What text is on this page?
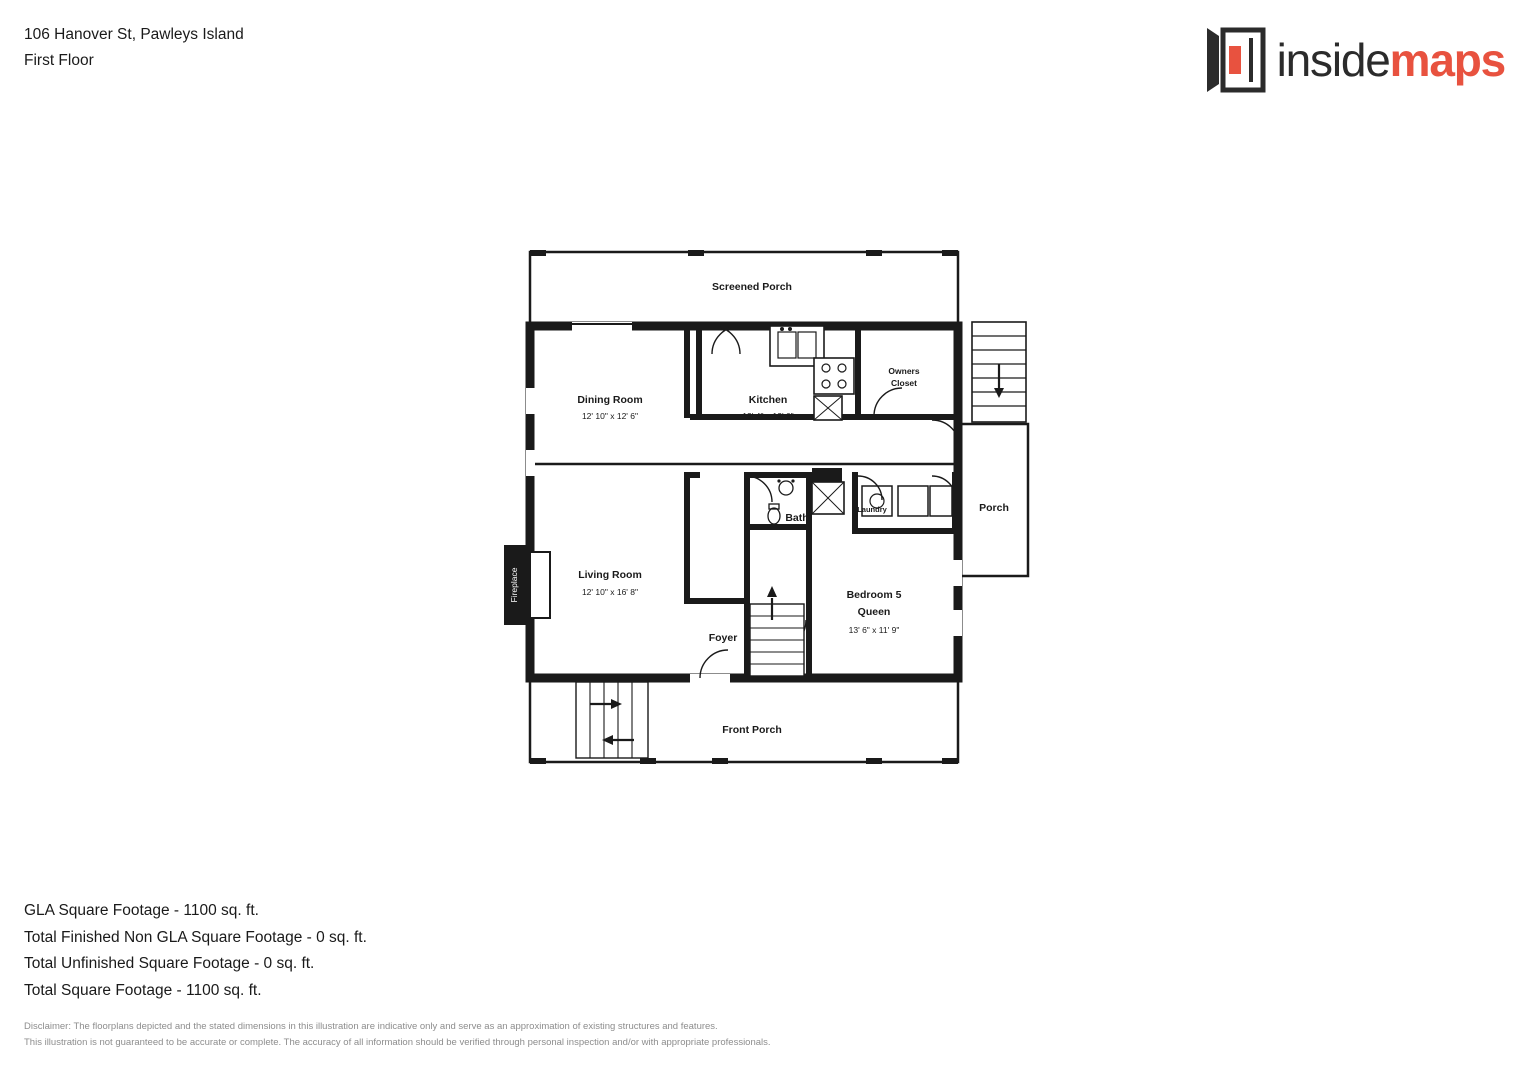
106 Hanover St, Pawleys Island
First Floor	insidemaps
Fireplace
Screened Porch
Dining Room
12' 10" x 12' 6"
Kitchen
13' 4" x 12' 6"
Owners
Closet
Porch
Bath
Laundry
Living Room
12' 10" x 16' 8"
Foyer
Bedroom 5
Queen
13' 6" x 11' 9"
Front Porch
GLA Square Footage - 1100 sq. ft.
Total Finished Non GLA Square Footage - 0 sq. ft.
Total Unfinished Square Footage - 0 sq. ft.
Total Square Footage - 1100 sq. ft.
Disclaimer: The floorplans depicted and the stated dimensions in this illustration are indicative only and serve as an approximation of existing structures and features.
This illustration is not guaranteed to be accurate or complete. The accuracy of all information should be verified through personal inspection and/or with appropriate professionals.
